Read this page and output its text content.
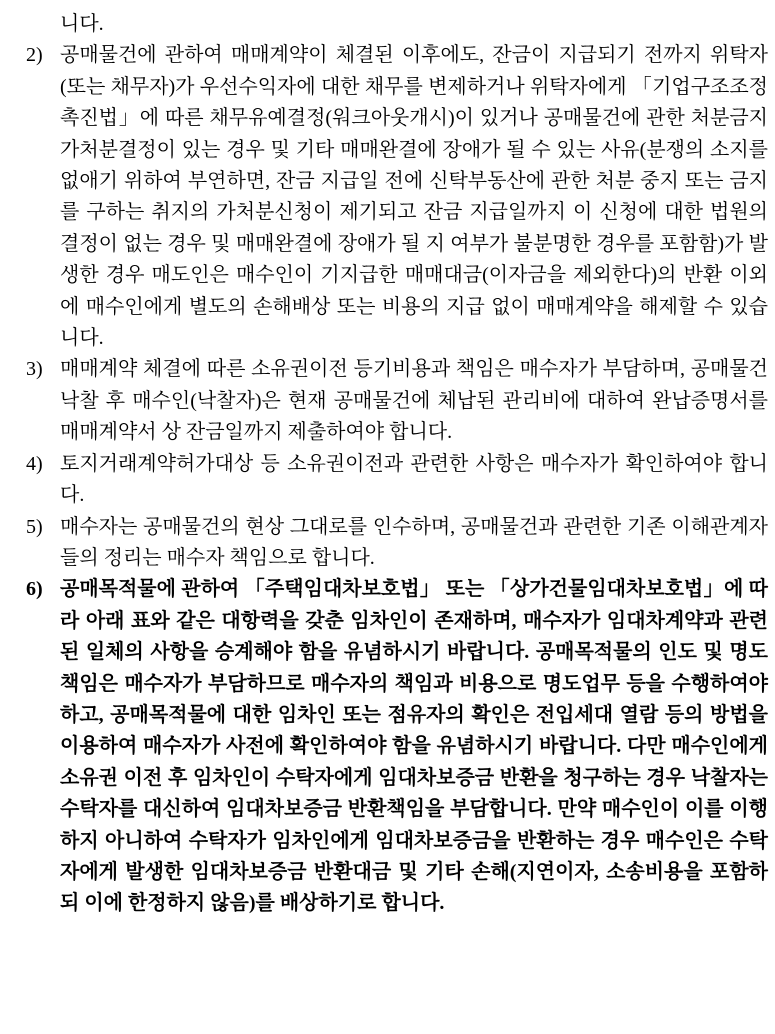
니다.

2) 공매물건에 관하여 매매계약이 체결된 이후에도, 잔금이 지급되기 전까지 위탁자(또는 채무자)가 우선수익자에 대한 채무를 변제하거나 위탁자에게 「기업구조조정 촉진법」에 따른 채무유예결정(워크아웃개시)이 있거나 공매물건에 관한 처분금지가처분결정이 있는 경우 및 기타 매매완결에 장애가 될 수 있는 사유(분쟁의 소지를 없애기 위하여 부연하면, 잔금 지급일 전에 신탁부동산에 관한 처분 중지 또는 금지를 구하는 취지의 가처분신청이 제기되고 잔금 지급일까지 이 신청에 대한 법원의 결정이 없는 경우 및 매매완결에 장애가 될 지 여부가 불분명한 경우를 포함함)가 발생한 경우 매도인은 매수인이 기지급한 매매대금(이자금을 제외한다)의 반환 이외에 매수인에게 별도의 손해배상 또는 비용의 지급 없이 매매계약을 해제할 수 있습니다.
3) 매매계약 체결에 따른 소유권이전 등기비용과 책임은 매수자가 부담하며, 공매물건 낙찰 후 매수인(낙찰자)은 현재 공매물건에 체납된 관리비에 대하여 완납증명서를 매매계약서 상 잔금일까지 제출하여야 합니다.
4) 토지거래계약허가대상 등 소유권이전과 관련한 사항은 매수자가 확인하여야 합니다.
5) 매수자는 공매물건의 현상 그대로를 인수하며, 공매물건과 관련한 기존 이해관계자들의 정리는 매수자 책임으로 합니다.
6) 공매목적물에 관하여 「주택임대차보호법」 또는 「상가건물임대차보호법」에 따라 아래 표와 같은 대항력을 갖춘 임차인이 존재하며, 매수자가 임대차계약과 관련된 일체의 사항을 승계해야 함을 유념하시기 바랍니다. 공매목적물의 인도 및 명도 책임은 매수자가 부담하므로 매수자의 책임과 비용으로 명도업무 등을 수행하여야 하고, 공매목적물에 대한 임차인 또는 점유자의 확인은 전입세대 열람 등의 방법을 이용하여 매수자가 사전에 확인하여야 함을 유념하시기 바랍니다. 다만 매수인에게 소유권 이전 후 임차인이 수탁자에게 임대차보증금 반환을 청구하는 경우 낙찰자는 수탁자를 대신하여 임대차보증금 반환책임을 부담합니다. 만약 매수인이 이를 이행하지 아니하여 수탁자가 임차인에게 임대차보증금을 반환하는 경우 매수인은 수탁자에게 발생한 임대차보증금 반환대금 및 기타 손해(지연이자, 소송비용을 포함하되 이에 한정하지 않음)를 배상하기로 합니다.
